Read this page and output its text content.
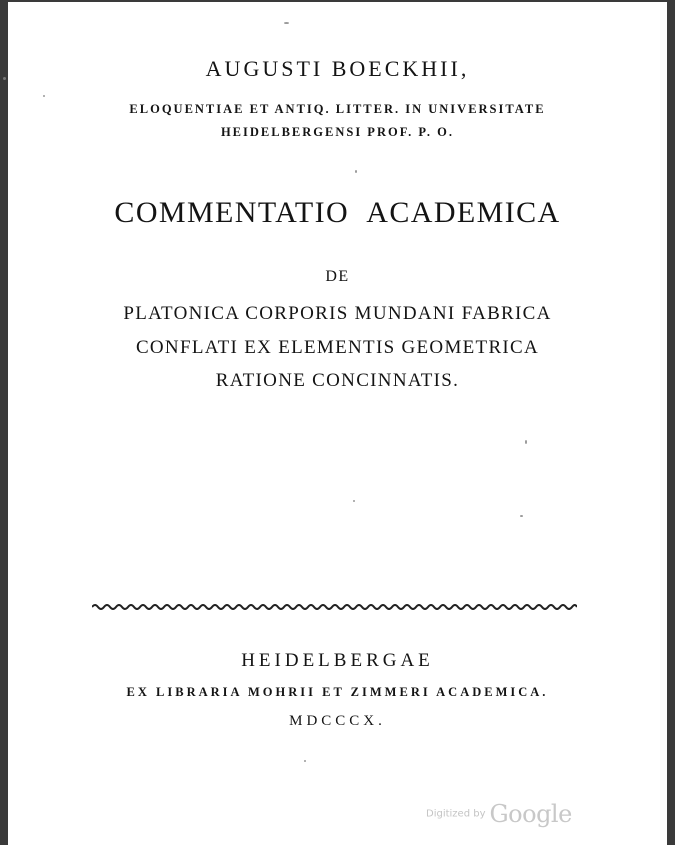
AUGUSTI BOECKHII,
ELOQUENTIAE ET ANTIQ. LITTER. IN UNIVERSITATE
HEIDELBERGENSI PROF. P. O.
COMMENTATIO ACADEMICA
DE
PLATONICA CORPORIS MUNDANI FABRICA
CONFLATI EX ELEMENTIS GEOMETRICA
RATIONE CONCINNATIS.
HEIDELBERGAE
EX LIBRARIA MOHRII ET ZIMMERI ACADEMICA.
MDCCCX.
Digitized by Google
